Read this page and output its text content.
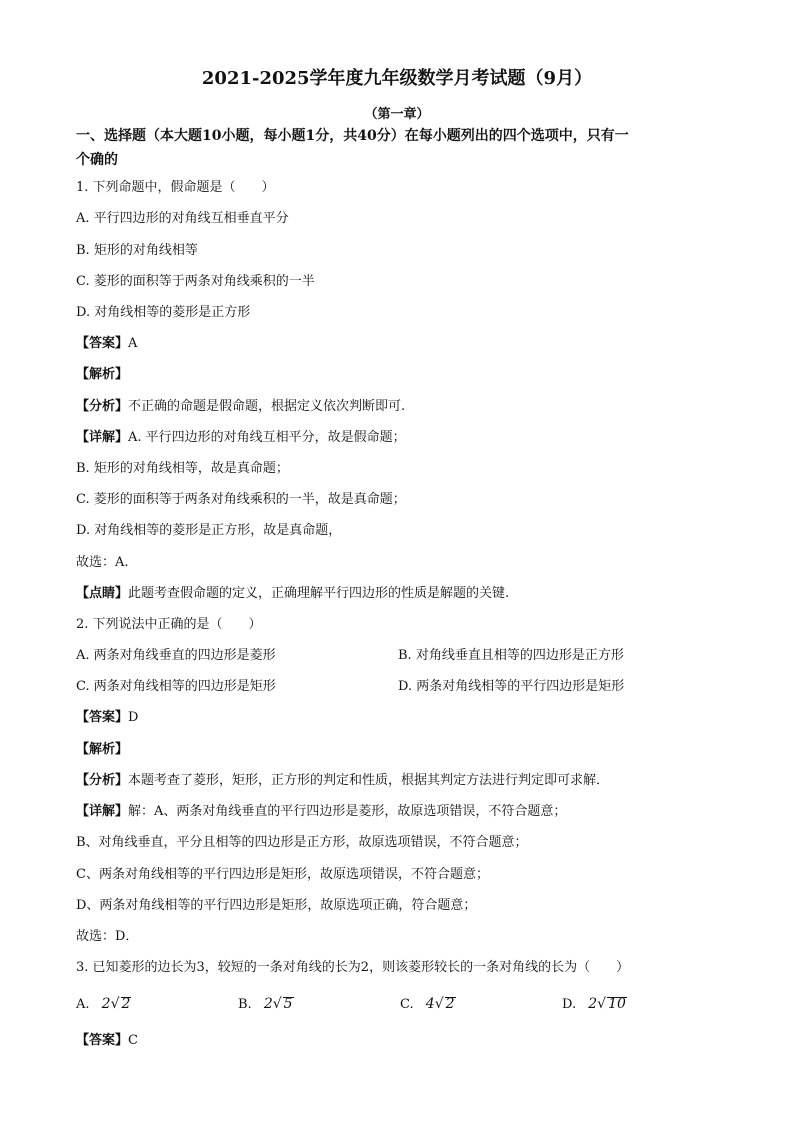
2021-2025学年度九年级数学月考试题（9月）
（第一章）
一、选择题（本大题10小题，每小题1分，共40分）在每小题列出的四个选项中，只有一
个确的
1. 下列命题中，假命题是（　　）
A. 平行四边形的对角线互相垂直平分
B. 矩形的对角线相等
C. 菱形的面积等于两条对角线乘积的一半
D. 对角线相等的菱形是正方形
【答案】A
【解析】
【分析】不正确的命题是假命题，根据定义依次判断即可.
【详解】A. 平行四边形的对角线互相平分，故是假命题；
B. 矩形的对角线相等，故是真命题；
C. 菱形的面积等于两条对角线乘积的一半，故是真命题；
D. 对角线相等的菱形是正方形，故是真命题，
故选：A.
【点睛】此题考查假命题的定义，正确理解平行四边形的性质是解题的关键.
2. 下列说法中正确的是（　　）
A. 两条对角线垂直的四边形是菱形	B. 对角线垂直且相等的四边形是正方形
C. 两条对角线相等的四边形是矩形	D. 两条对角线相等的平行四边形是矩形
【答案】D
【解析】
【分析】本题考查了菱形，矩形，正方形的判定和性质，根据其判定方法进行判定即可求解．
【详解】解：A、两条对角线垂直的平行四边形是菱形，故原选项错误，不符合题意；
B、对角线垂直，平分且相等的四边形是正方形，故原选项错误，不符合题意；
C、两条对角线相等的平行四边形是矩形，故原选项错误，不符合题意；
D、两条对角线相等的平行四边形是矩形，故原选项正确，符合题意；
故选：D．
3. 已知菱形的边长为3，较短的一条对角线的长为2，则该菱形较长的一条对角线的长为（　　）
A. 2√ 2	B. 2√ 5	C. 4√ 2	D. 2√ 10
【答案】C
